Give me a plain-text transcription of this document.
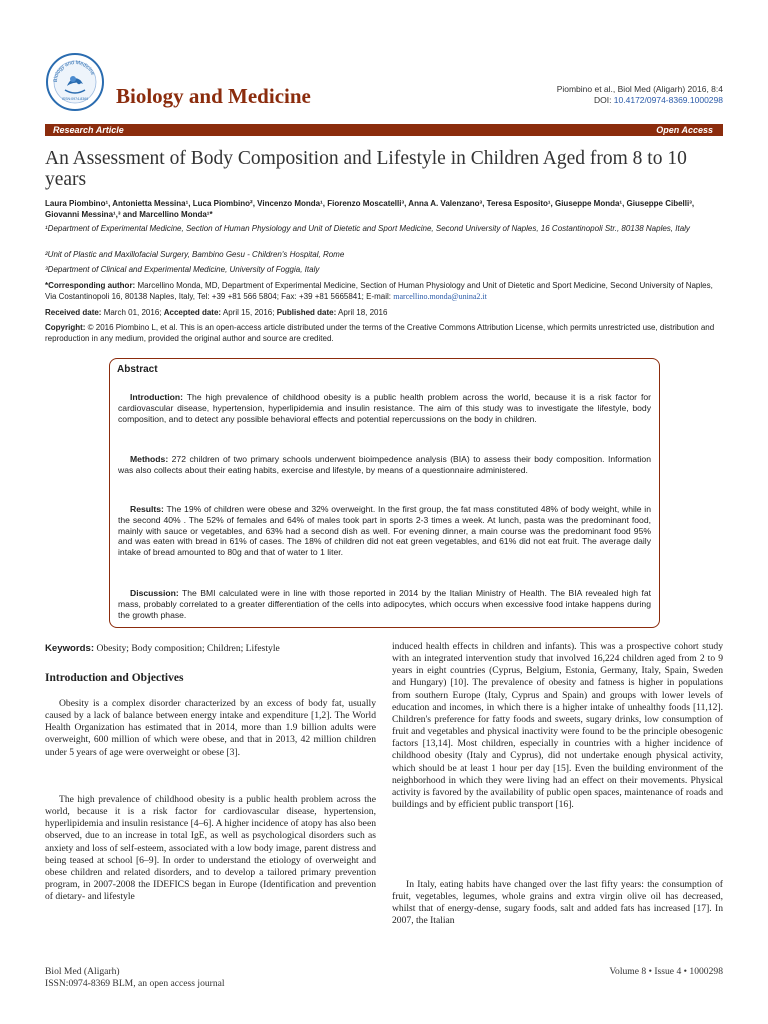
Biology and Medicine
ISSN:0974-8369 Biology and Medicine	Piombino et al., Biol Med (Aligarh) 2016, 8:4
DOI: 10.4172/0974-8369.1000298
Research Article	Open Access
An Assessment of Body Composition and Lifestyle in Children Aged from 8 to 10 years
Laura Piombino¹, Antonietta Messina¹, Luca Piombino², Vincenzo Monda¹, Fiorenzo Moscatelli³, Anna A. Valenzano³, Teresa Esposito¹, Giuseppe Monda¹, Giuseppe Cibelli³, Giovanni Messina¹,³ and Marcellino Monda¹*
¹Department of Experimental Medicine, Section of Human Physiology and Unit of Dietetic and Sport Medicine, Second University of Naples, 16 Costantinopoli Str., 80138 Naples, Italy
²Unit of Plastic and Maxillofacial Surgery, Bambino Gesu - Children's Hospital, Rome
³Department of Clinical and Experimental Medicine, University of Foggia, Italy
*Corresponding author: Marcellino Monda, MD, Department of Experimental Medicine, Section of Human Physiology and Unit of Dietetic and Sport Medicine, Second University of Naples, Via Costantinopoli 16, 80138 Naples, Italy, Tel: +39 +81 566 5804; Fax: +39 +81 5665841; E-mail: marcellino.monda@unina2.it
Received date: March 01, 2016; Accepted date: April 15, 2016; Published date: April 18, 2016
Copyright: © 2016 Piombino L, et al. This is an open-access article distributed under the terms of the Creative Commons Attribution License, which permits unrestricted use, distribution and reproduction in any medium, provided the original author and source are credited.
Abstract
Introduction: The high prevalence of childhood obesity is a public health problem across the world, because it is a risk factor for cardiovascular disease, hypertension, hyperlipidemia and insulin resistance. The aim of this study was to investigate the lifestyle, body composition, and to detect any possible behavioral effects and potential repercussions on the body in children.
Methods: 272 children of two primary schools underwent bioimpedence analysis (BIA) to assess their body composition. Information was also collects about their eating habits, exercise and lifestyle, by means of a questionnaire administered.
Results: The 19% of children were obese and 32% overweight. In the first group, the fat mass constituted 48% of body weight, while in the second 40% . The 52% of females and 64% of males took part in sports 2-3 times a week. At lunch, pasta was the predominant food, mainly with sauce or vegetables, and 63% had a second dish as well. For evening dinner, a main course was the predominant food 95% and was eaten with bread in 61% of cases. The 18% of children did not eat green vegetables, and 61% did not eat fruit. The average daily intake of bread amounted to 80g and that of water to 1 liter.
Discussion: The BMI calculated were in line with those reported in 2014 by the Italian Ministry of Health. The BIA revealed high fat mass, probably correlated to a greater differentiation of the cells into adipocytes, which occurs when excessive food intake happens during the growth phase.
Keywords: Obesity; Body composition; Children; Lifestyle
Introduction and Objectives
Obesity is a complex disorder characterized by an excess of body fat, usually caused by a lack of balance between energy intake and expenditure [1,2]. The World Health Organization has estimated that in 2014, more than 1.9 billion adults were overweight, 600 million of which were obese, and that in 2013, 42 million children under 5 years of age were overweight or obese [3].
The high prevalence of childhood obesity is a public health problem across the world, because it is a risk factor for cardiovascular disease, hypertension, hyperlipidemia and insulin resistance [4–6]. A higher incidence of atopy has also been observed, due to an increase in total IgE, as well as psychological disorders such as anxiety and loss of self-esteem, associated with a low body image, parent distress and being teased at school [6–9]. In order to understand the etiology of overweight and obese children and related disorders, and to develop a tailored primary prevention program, in 2007-2008 the IDEFICS began in Europe (Identification and prevention of dietary- and lifestyle
induced health effects in children and infants). This was a prospective cohort study with an integrated intervention study that involved 16,224 children aged from 2 to 9 years in eight countries (Cyprus, Belgium, Estonia, Germany, Italy, Spain, Sweden and Hungary) [10]. The prevalence of obesity and fatness is higher in populations from southern Europe (Italy, Cyprus and Spain) and groups with lower levels of education and incomes, in which there is a higher intake of unhealthy foods [11,12]. Children's preference for fatty foods and sweets, sugary drinks, low consumption of fruit and vegetables and physical inactivity were found to be the principle obesogenic factors [13,14]. Most children, especially in countries with a higher incidence of childhood obesity (Italy and Cyprus), did not undertake enough physical activity, which should be at least 1 hour per day [15]. Even the building environment of the neighborhood in which they were living had an effect on their movements. Physical activity is favored by the availability of public open spaces, maintenance of roads and buildings and by efficient public transport [16].
In Italy, eating habits have changed over the last fifty years: the consumption of fruit, vegetables, legumes, whole grains and extra virgin olive oil has decreased, whilst that of energy-dense, sugary foods, salt and added fats has increased [17]. In 2007, the Italian
Biol Med (Aligarh)
ISSN:0974-8369 BLM, an open access journal
Volume 8 • Issue 4 • 1000298
